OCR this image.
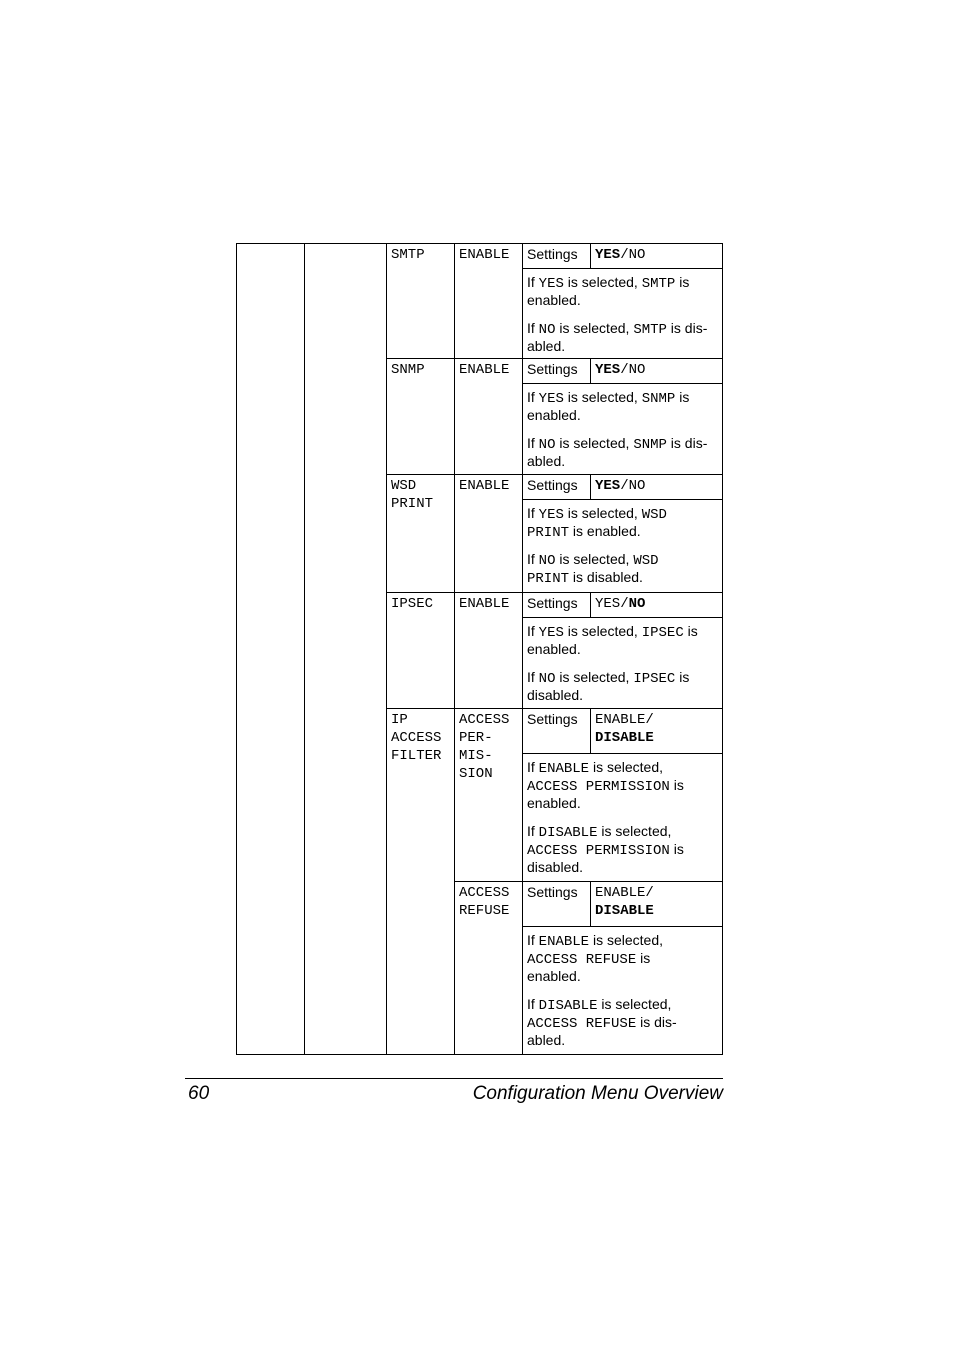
SMTP ENABLE Settings YES/NO
If YES is selected, SMTP is
enabled.
If NO is selected, SMTP is dis-
abled.
SNMP ENABLE Settings YES/NO
If YES is selected, SNMP is
enabled.
If NO is selected, SNMP is dis-
abled.
WSD
PRINT
ENABLE Settings YES/NO
If YES is selected, WSD
PRINT is enabled.
If NO is selected, WSD
PRINT is disabled.
IPSEC ENABLE Settings YES/NO
If YES is selected, IPSEC is
enabled.
If NO is selected, IPSEC is
disabled.
IP
ACCESS
FILTER
ACCESS
PER-
MIS-
SION
Settings ENABLE/
DISABLE
If ENABLE is selected,
ACCESS PERMISSION is
enabled.
If DISABLE is selected,
ACCESS PERMISSION is
disabled.
ACCESS
REFUSE
Settings ENABLE/
DISABLE
If ENABLE is selected,
ACCESS REFUSE is
enabled.
If DISABLE is selected,
ACCESS REFUSE is dis-
abled.
60	Configuration Menu Overview
